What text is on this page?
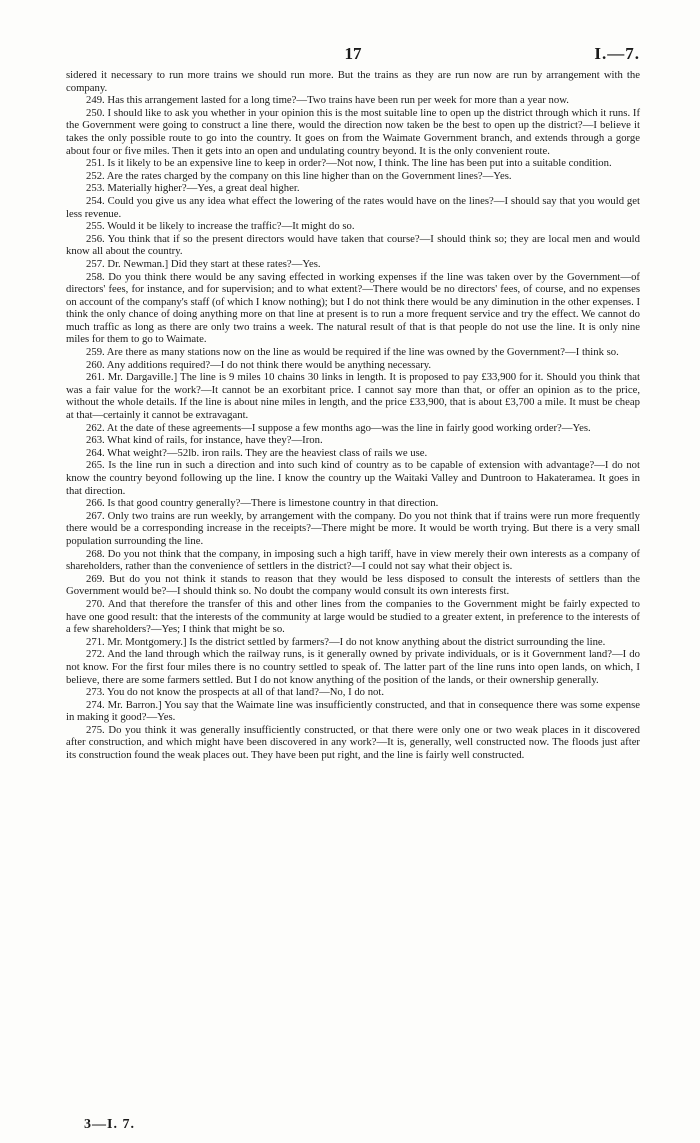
17	I.—7.

sidered it necessary to run more trains we should run more. But the trains as they are run now are run by arrangement with the company.

249. Has this arrangement lasted for a long time?—Two trains have been run per week for more than a year now.

250. I should like to ask you whether in your opinion this is the most suitable line to open up the district through which it runs. If the Government were going to construct a line there, would the direction now taken be the best to open up the district?—I believe it takes the only possible route to go into the country. It goes on from the Waimate Government branch, and extends through a gorge about four or five miles. Then it gets into an open and undulating country beyond. It is the only convenient route.

251. Is it likely to be an expensive line to keep in order?—Not now, I think. The line has been put into a suitable condition.

252. Are the rates charged by the company on this line higher than on the Government lines?—Yes.

253. Materially higher?—Yes, a great deal higher.

254. Could you give us any idea what effect the lowering of the rates would have on the lines?—I should say that you would get less revenue.

255. Would it be likely to increase the traffic?—It might do so.

256. You think that if so the present directors would have taken that course?—I should think so; they are local men and would know all about the country.

257. Dr. Newman.] Did they start at these rates?—Yes.

258. Do you think there would be any saving effected in working expenses if the line was taken over by the Government—of directors' fees, for instance, and for supervision; and to what extent?—There would be no directors' fees, of course, and no expenses on account of the company's staff (of which I know nothing); but I do not think there would be any diminution in the other expenses. I think the only chance of doing anything more on that line at present is to run a more frequent service and try the effect. We cannot do much traffic as long as there are only two trains a week. The natural result of that is that people do not use the line. It is only nine miles for them to go to Waimate.

259. Are there as many stations now on the line as would be required if the line was owned by the Government?—I think so.

260. Any additions required?—I do not think there would be anything necessary.

261. Mr. Dargaville.] The line is 9 miles 10 chains 30 links in length. It is proposed to pay £33,900 for it. Should you think that was a fair value for the work?—It cannot be an exorbitant price. I cannot say more than that, or offer an opinion as to the price, without the whole details. If the line is about nine miles in length, and the price £33,900, that is about £3,700 a mile. It must be cheap at that—certainly it cannot be extravagant.

262. At the date of these agreements—I suppose a few months ago—was the line in fairly good working order?—Yes.

263. What kind of rails, for instance, have they?—Iron.

264. What weight?—52lb. iron rails. They are the heaviest class of rails we use.

265. Is the line run in such a direction and into such kind of country as to be capable of extension with advantage?—I do not know the country beyond following up the line. I know the country up the Waitaki Valley and Duntroon to Hakateramea. It goes in that direction.

266. Is that good country generally?—There is limestone country in that direction.

267. Only two trains are run weekly, by arrangement with the company. Do you not think that if trains were run more frequently there would be a corresponding increase in the receipts?—There might be more. It would be worth trying. But there is a very small population surrounding the line.

268. Do you not think that the company, in imposing such a high tariff, have in view merely their own interests as a company of shareholders, rather than the convenience of settlers in the district?—I could not say what their object is.

269. But do you not think it stands to reason that they would be less disposed to consult the interests of settlers than the Government would be?—I should think so. No doubt the company would consult its own interests first.

270. And that therefore the transfer of this and other lines from the companies to the Government might be fairly expected to have one good result: that the interests of the community at large would be studied to a greater extent, in preference to the interests of a few shareholders?—Yes; I think that might be so.

271. Mr. Montgomery.] Is the district settled by farmers?—I do not know anything about the district surrounding the line.

272. And the land through which the railway runs, is it generally owned by private individuals, or is it Government land?—I do not know. For the first four miles there is no country settled to speak of. The latter part of the line runs into open lands, on which, I believe, there are some farmers settled. But I do not know anything of the position of the lands, or their ownership generally.

273. You do not know the prospects at all of that land?—No, I do not.

274. Mr. Barron.] You say that the Waimate line was insufficiently constructed, and that in consequence there was some expense in making it good?—Yes.

275. Do you think it was generally insufficiently constructed, or that there were only one or two weak places in it discovered after construction, and which might have been discovered in any work?—It is, generally, well constructed now. The floods just after its construction found the weak places out. They have been put right, and the line is fairly well constructed.

3—I. 7.
